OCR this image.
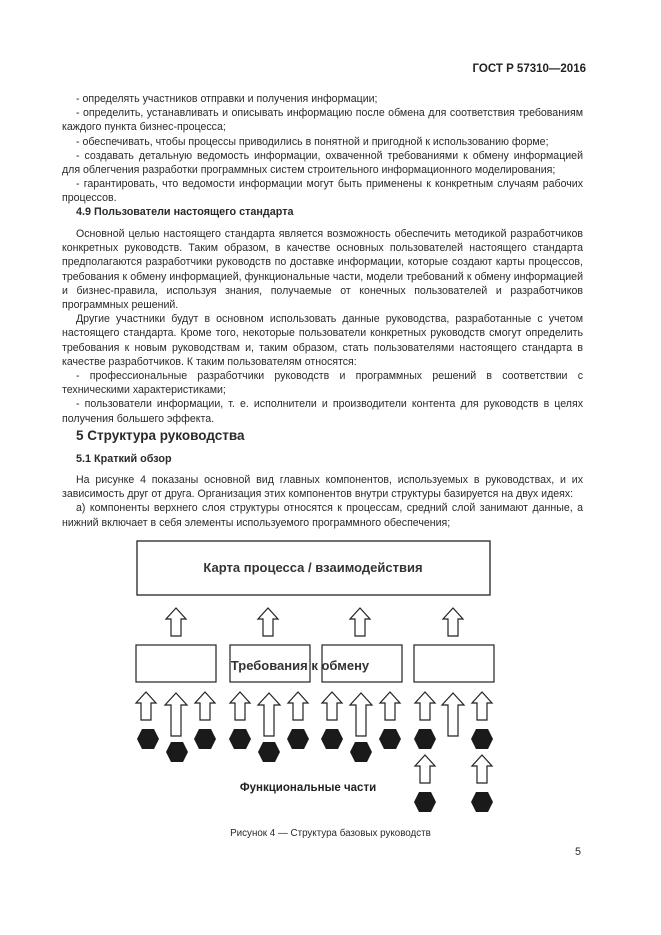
ГОСТ Р 57310—2016

- определять участников отправки и получения информации;

- определить, устанавливать и описывать информацию после обмена для соответствия требованиям каждого пункта бизнес-процесса;

- обеспечивать, чтобы процессы приводились в понятной и пригодной к использованию форме;

- создавать детальную ведомость информации, охваченной требованиями к обмену информацией для облегчения разработки программных систем строительного информационного моделирования;

- гарантировать, что ведомости информации могут быть применены к конкретным случаям рабочих процессов.

4.9 Пользователи настоящего стандарта

Основной целью настоящего стандарта является возможность обеспечить методикой разработчиков конкретных руководств. Таким образом, в качестве основных пользователей настоящего стандарта предполагаются разработчики руководств по доставке информации, которые создают карты процессов, требования к обмену информацией, функциональные части, модели требований к обмену информацией и бизнес-правила, используя знания, получаемые от конечных пользователей и разработчиков программных решений.

Другие участники будут в основном использовать данные руководства, разработанные с учетом настоящего стандарта. Кроме того, некоторые пользователи конкретных руководств смогут определить требования к новым руководствам и, таким образом, стать пользователями настоящего стандарта в качестве разработчиков. К таким пользователям относятся:

- профессиональные разработчики руководств и программных решений в соответствии с техническими характеристиками;

- пользователи информации, т. е. исполнители и производители контента для руководств в целях получения большего эффекта.

5 Структура руководства
5.1 Краткий обзор

На рисунке 4 показаны основной вид главных компонентов, используемых в руководствах, и их зависимость друг от друга. Организация этих компонентов внутри структуры базируется на двух идеях:

а) компоненты верхнего слоя структуры относятся к процессам, средний слой занимают данные, а нижний включает в себя элементы используемого программного обеспечения;

Карта процесса / взаимодействия
Требования к обмену
Функциональные части
Рисунок 4 — Структура базовых руководств
5
